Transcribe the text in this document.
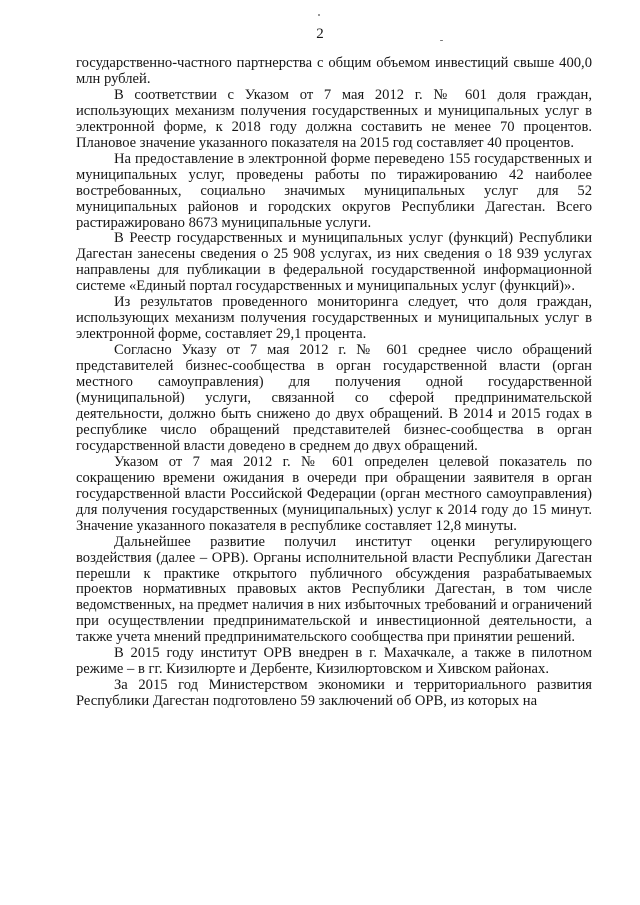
2

государственно-частного партнерства с общим объемом инвестиций свыше 400,0 млн рублей.

В соответствии с Указом от 7 мая 2012 г. № 601 доля граждан, использующих механизм получения государственных и муниципальных услуг в электронной форме, к 2018 году должна составить не менее 70 процентов. Плановое значение указанного показателя на 2015 год составляет 40 процентов.

На предоставление в электронной форме переведено 155 государственных и муниципальных услуг, проведены работы по тиражированию 42 наиболее востребованных, социально значимых муниципальных услуг для 52 муниципальных районов и городских округов Республики Дагестан. Всего растиражировано 8673 муниципальные услуги.

В Реестр государственных и муниципальных услуг (функций) Республики Дагестан занесены сведения о 25 908 услугах, из них сведения о 18 939 услугах направлены для публикации в федеральной государственной информационной системе «Единый портал государственных и муниципальных услуг (функций)».

Из результатов проведенного мониторинга следует, что доля граждан, использующих механизм получения государственных и муниципальных услуг в электронной форме, составляет 29,1 процента.

Согласно Указу от 7 мая 2012 г. № 601 среднее число обращений представителей бизнес-сообщества в орган государственной власти (орган местного самоуправления) для получения одной государственной (муниципальной) услуги, связанной со сферой предпринимательской деятельности, должно быть снижено до двух обращений. В 2014 и 2015 годах в республике число обращений представителей бизнес-сообщества в орган государственной власти доведено в среднем до двух обращений.

Указом от 7 мая 2012 г. № 601 определен целевой показатель по сокращению времени ожидания в очереди при обращении заявителя в орган государственной власти Российской Федерации (орган местного самоуправления) для получения государственных (муниципальных) услуг к 2014 году до 15 минут. Значение указанного показателя в республике составляет 12,8 минуты.

Дальнейшее развитие получил институт оценки регулирующего воздействия (далее – ОРВ). Органы исполнительной власти Республики Дагестан перешли к практике открытого публичного обсуждения разрабатываемых проектов нормативных правовых актов Республики Дагестан, в том числе ведомственных, на предмет наличия в них избыточных требований и ограничений при осуществлении предпринимательской и инвестиционной деятельности, а также учета мнений предпринимательского сообщества при принятии решений.

В 2015 году институт ОРВ внедрен в г. Махачкале, а также в пилотном режиме – в гг. Кизилюрте и Дербенте, Кизилюртовском и Хивском районах.

За 2015 год Министерством экономики и территориального развития Республики Дагестан подготовлено 59 заключений об ОРВ, из которых на
